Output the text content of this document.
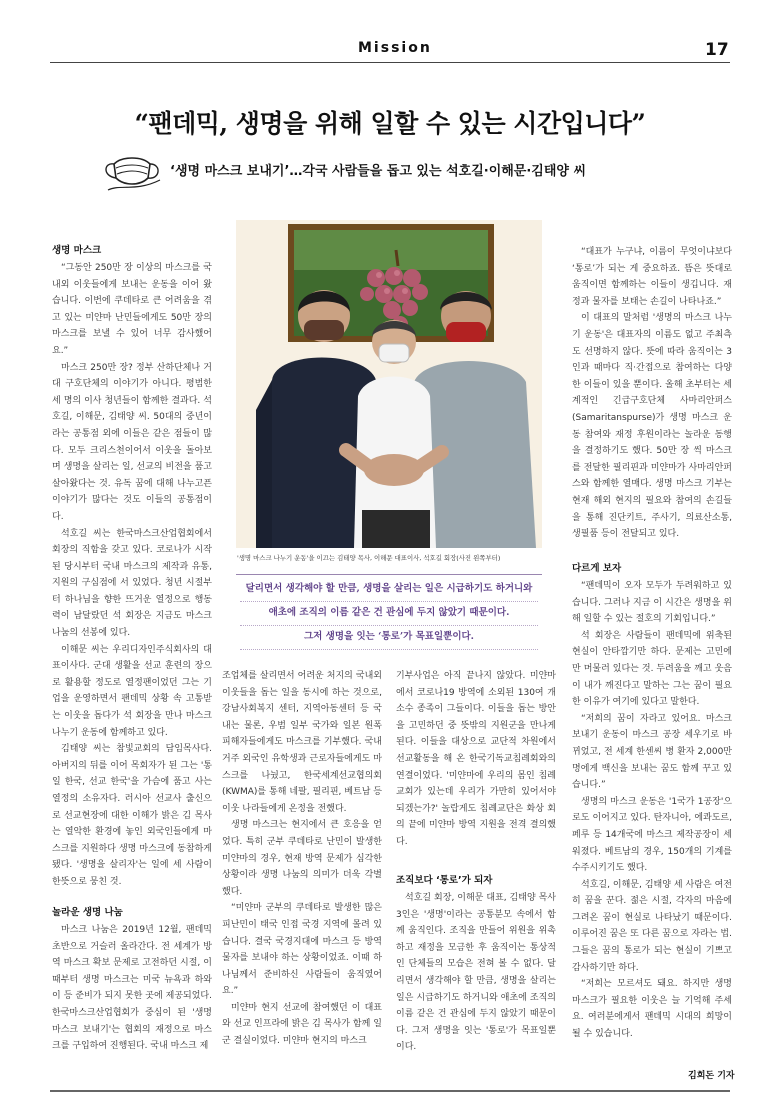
Mission	17
“팬데믹, 생명을 위해 일할 수 있는 시간입니다”
‘생명 마스크 보내기’…각국 사람들을 돕고 있는 석호길·이해문·김태양 씨
'생명 마스크 나누기 운동'을 이끄는 김태양 목사, 이해문 대표이사, 석호길 회장(사진 왼쪽부터)
달리면서 생각해야 할 만큼, 생명을 살리는 일은 시급하기도 하거니와
애초에 조직의 이름 같은 건 관심에 두지 않았기 때문이다.
그저 생명을 잇는 ‘통로’가 목표일뿐이다.
생명 마스크

“그동안 250만 장 이상의 마스크를 국내외 이웃들에게 보내는 운동을 이어 왔습니다. 이번에 쿠데타로 큰 어려움을 겪고 있는 미얀마 난민들에게도 50만 장의 마스크를 보낼 수 있어 너무 감사했어요.”

마스크 250만 장? 정부 산하단체나 거대 구호단체의 이야기가 아니다. 평범한 세 명의 이사 청년들이 함께한 결과다. 석호길, 이해문, 김태양 씨. 50대의 중년이라는 공통점 외에 이들은 같은 점들이 많다. 모두 크리스천이어서 이웃을 돌아보며 생명을 살리는 일, 선교의 비전을 품고 살아왔다는 것. 유독 꿈에 대해 나누고픈 이야기가 많다는 것도 이들의 공통점이다.

석호길 씨는 한국마스크산업협회에서 회장의 직함을 갖고 있다. 코로나가 시작된 당시부터 국내 마스크의 제작과 유통, 지원의 구심점에 서 있었다. 청년 시절부터 하나님을 향한 뜨거운 열정으로 행동력이 남달랐던 석 회장은 지금도 마스크 나눔의 선봉에 있다.

이해문 씨는 우리디자인주식회사의 대표이사다. 군대 생활을 선교 훈련의 장으로 활용할 정도로 열정팬이었던 그는 기업을 운영하면서 팬데믹 상황 속 고통받는 이웃을 돕다가 석 회장을 만나 마스크 나누기 운동에 함께하고 있다.

김태양 씨는 참빛교회의 담임목사다. 아버지의 뒤를 이어 목회자가 된 그는 '통일 한국, 선교 한국'을 가슴에 품고 사는 열정의 소유자다. 러시아 선교사 출신으로 선교현장에 대한 이해가 밝은 김 목사는 열악한 환경에 놓인 외국인들에게 마스크를 지원하다 생명 마스크에 동참하게 됐다. '생명을 살리자'는 일에 세 사람이 한뜻으로 뭉친 것.

놀라운 생명 나눔

마스크 나눔은 2019년 12월, 팬데믹 초반으로 거슬러 올라간다. 전 세계가 방역 마스크 확보 문제로 고전하던 시절, 이때부터 생명 마스크는 미국 뉴욕과 하와이 등 준비가 되지 못한 곳에 제공되었다. 한국마스크산업협회가 중심이 된 '생명 마스크 보내기'는 협회의 재정으로 마스크를 구입하여 진행된다. 국내 마스크 제

조업체를 살리면서 어려운 처지의 국내외 이웃들을 돕는 일을 동시에 하는 것으로, 강남사회복지 센터, 지역아동센터 등 국내는 물론, 우범 일부 국가와 일본 원폭 피해자들에게도 마스크를 기부했다. 국내 거주 외국인 유학생과 근로자들에게도 마스크를 나눴고, 한국세계선교협의회(KWMA)를 통해 네팔, 필리핀, 베트남 등 이웃 나라들에게 온정을 전했다.

생명 마스크는 현지에서 큰 호응을 얻었다. 특히 군부 쿠데타로 난민이 발생한 미얀마의 경우, 현재 방역 문제가 심각한 상황이라 생명 나눔의 의미가 더욱 각별했다.

“미얀마 군부의 쿠데타로 발생한 많은 피난민이 태국 인접 국경 지역에 몰려 있습니다. 결국 국경지대에 마스크 등 방역물자를 보내야 하는 상황이었죠. 이때 하나님께서 준비하신 사람들이 움직였어요.”

미얀마 현지 선교에 참여했던 이 대표와 선교 인프라에 밝은 김 목사가 함께 일군 결실이었다. 미얀마 현지의 마스크

기부사업은 아직 끝나지 않았다. 미얀마에서 코로나19 방역에 소외된 130여 개 소수 종족이 그들이다. 이들을 돕는 방안을 고민하던 중 뜻밖의 지원군을 만나게 된다. 이들을 대상으로 교단적 차원에서 선교활동을 해 온 한국기독교침례회와의 연결이었다. '미얀마에 우리의 몸인 침례교회가 있는데 우리가 가만히 있어서야 되겠는가?' 놀랍게도 침례교단은 화상 회의 끝에 미얀마 방역 지원을 전격 결의했다.

조직보다 ‘통로’가 되자

석호길 회장, 이해문 대표, 김태양 목사 3인은 '생명'이라는 공통분모 속에서 함께 움직인다. 조직을 만들어 위원을 위촉하고 재정을 모금한 후 움직이는 통상적인 단체들의 모습은 전혀 볼 수 없다. 달리면서 생각해야 할 만큼, 생명을 살리는 일은 시급하기도 하거니와 애초에 조직의 이름 같은 건 관심에 두지 않았기 때문이다. 그저 생명을 잇는 '통로'가 목표일뿐이다.

“대표가 누구냐, 이름이 무엇이냐보다 ‘통로’가 되는 게 중요하죠. 뜸은 뜻대로 움직이면 함께하는 이들이 생깁니다. 재정과 물자를 보태는 손길이 나타나죠.”

이 대표의 말처럼 '생명의 마스크 나누기 운동'은 대표자의 이름도 없고 주최측도 선명하지 않다. 뜻에 따라 움직이는 3인과 때마다 직·간접으로 참여하는 다양한 이들이 있을 뿐이다. 올해 초부터는 세계적인 긴급구호단체 사마리안퍼스(Samaritanspurse)가 생명 마스크 운동 참여와 재정 후원이라는 놀라운 동행을 결정하기도 했다. 50만 장 씩 마스크를 전달한 필리핀과 미얀마가 사마리안퍼스와 함께한 열매다. 생명 마스크 기부는 현재 해외 현지의 필요와 참여의 손길들을 통해 진단키트, 주사기, 의료산소통, 생필품 등이 전달되고 있다.

다르게 보자

“팬데믹이 오자 모두가 두려워하고 있습니다. 그러나 지금 이 시간은 생명을 위해 일할 수 있는 절호의 기회입니다.”

석 회장은 사람들이 팬데믹에 위축된 현실이 안타깝기만 하다. 문제는 고민에만 머물러 있다는 것. 두려움을 깨고 웃음이 내가 깨진다고 말하는 그는 꿈이 필요한 이유가 여기에 있다고 말한다.

“저희의 꿈이 자라고 있어요. 마스크 보내기 운동이 마스크 공장 세우기로 바뀌었고, 전 세계 한센씨 병 환자 2,000만 명에게 백신을 보내는 꿈도 함께 꾸고 있습니다.”

생명의 마스크 운동은 '1국가 1공장'으로도 이어지고 있다. 탄자니아, 에콰도르, 페루 등 14개국에 마스크 제작공장이 세워졌다. 베트남의 경우, 150개의 기계를 수주시키기도 했다.

석호길, 이해문, 김태양 세 사람은 여전히 꿈을 꾼다. 젊은 시절, 각자의 마음에 그려온 꿈이 현실로 나타났기 때문이다. 이루어진 꿈은 또 다른 꿈으로 자라는 법. 그들은 꿈의 통로가 되는 현실이 기쁘고 감사하기만 하다.

“저희는 모르셔도 돼요. 하지만 생명 마스크가 필요한 이웃은 늘 기억해 주세요. 여러분에게서 팬데믹 시대의 희망이 될 수 있습니다.

김희돈 기자
